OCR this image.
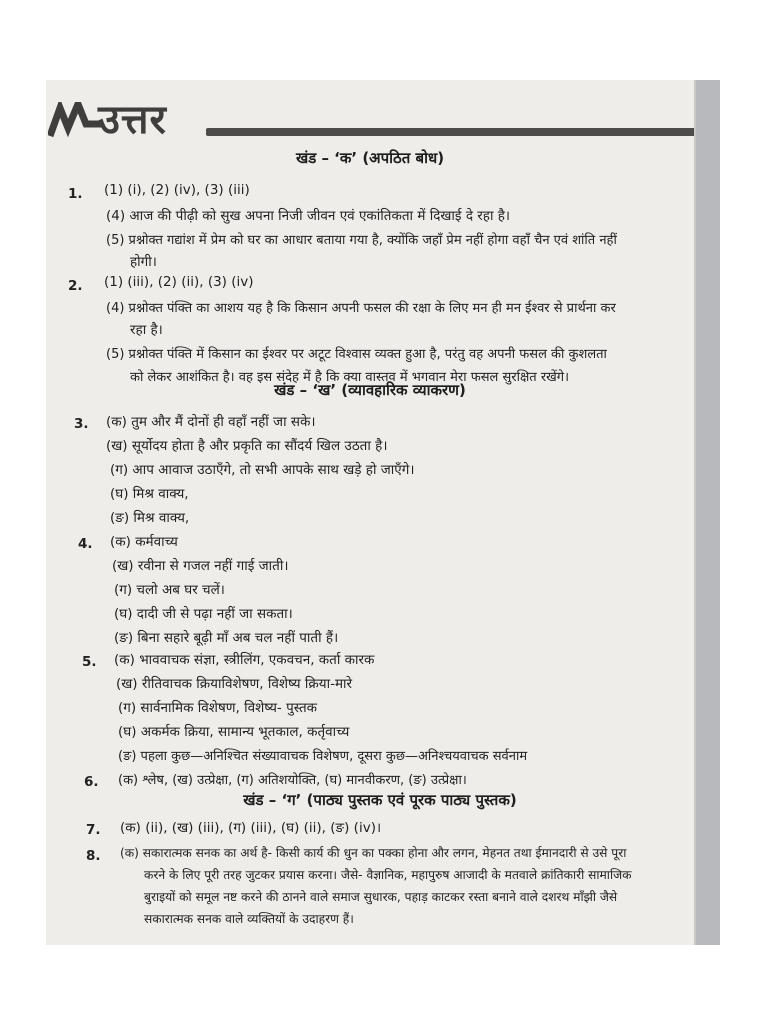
उत्तर
खंड – ‘क’ (अपठित बोध)
1. (1) (i), (2) (iv), (3) (iii)
(4) आज की पीढ़ी को सुख अपना निजी जीवन एवं एकांतिकता में दिखाई दे रहा है।
(5) प्रश्नोक्त गद्यांश में प्रेम को घर का आधार बताया गया है, क्योंकि जहाँ प्रेम नहीं होगा वहाँ चैन एवं शांति नहीं
होगी।
2. (1) (iii), (2) (ii), (3) (iv)
(4) प्रश्नोक्त पंक्ति का आशय यह है कि किसान अपनी फसल की रक्षा के लिए मन ही मन ईश्वर से प्रार्थना कर
रहा है।
(5) प्रश्नोक्त पंक्ति में किसान का ईश्वर पर अटूट विश्वास व्यक्त हुआ है, परंतु वह अपनी फसल की कुशलता
को लेकर आशंकित है। वह इस संदेह में है कि क्या वास्तव में भगवान मेरा फसल सुरक्षित रखेंगे।
खंड – ‘ख’ (व्यावहारिक व्याकरण)
3. (क) तुम और मैं दोनों ही वहाँ नहीं जा सके।
(ख) सूर्योदय होता है और प्रकृति का सौंदर्य खिल उठता है।
(ग) आप आवाज उठाएँगे, तो सभी आपके साथ खड़े हो जाएँगे।
(घ) मिश्र वाक्य,
(ङ) मिश्र वाक्य,
4. (क) कर्मवाच्य
(ख) रवीना से गजल नहीं गाई जाती।
(ग) चलो अब घर चलें।
(घ) दादी जी से पढ़ा नहीं जा सकता।
(ङ) बिना सहारे बूढ़ी माँ अब चल नहीं पाती हैं।
5. (क) भाववाचक संज्ञा, स्त्रीलिंग, एकवचन, कर्ता कारक
(ख) रीतिवाचक क्रियाविशेषण, विशेष्य क्रिया-मारे
(ग) सार्वनामिक विशेषण, विशेष्य- पुस्तक
(घ) अकर्मक क्रिया, सामान्य भूतकाल, कर्तृवाच्य
(ङ) पहला कुछ—अनिश्चित संख्यावाचक विशेषण, दूसरा कुछ—अनिश्चयवाचक सर्वनाम
6. (क) श्लेष, (ख) उत्प्रेक्षा, (ग) अतिशयोक्ति, (घ) मानवीकरण, (ङ) उत्प्रेक्षा।
खंड – ‘ग’ (पाठ्य पुस्तक एवं पूरक पाठ्य पुस्तक)
7. (क) (ii), (ख) (iii), (ग) (iii), (घ) (ii), (ङ) (iv)।
8. (क) सकारात्मक सनक का अर्थ है- किसी कार्य की धुन का पक्का होना और लगन, मेहनत तथा ईमानदारी से उसे पूरा
करने के लिए पूरी तरह जुटकर प्रयास करना। जैसे- वैज्ञानिक, महापुरुष आजादी के मतवाले क्रांतिकारी सामाजिक
बुराइयों को समूल नष्ट करने की ठानने वाले समाज सुधारक, पहाड़ काटकर रस्ता बनाने वाले दशरथ माँझी जैसे
सकारात्मक सनक वाले व्यक्तियों के उदाहरण हैं।
